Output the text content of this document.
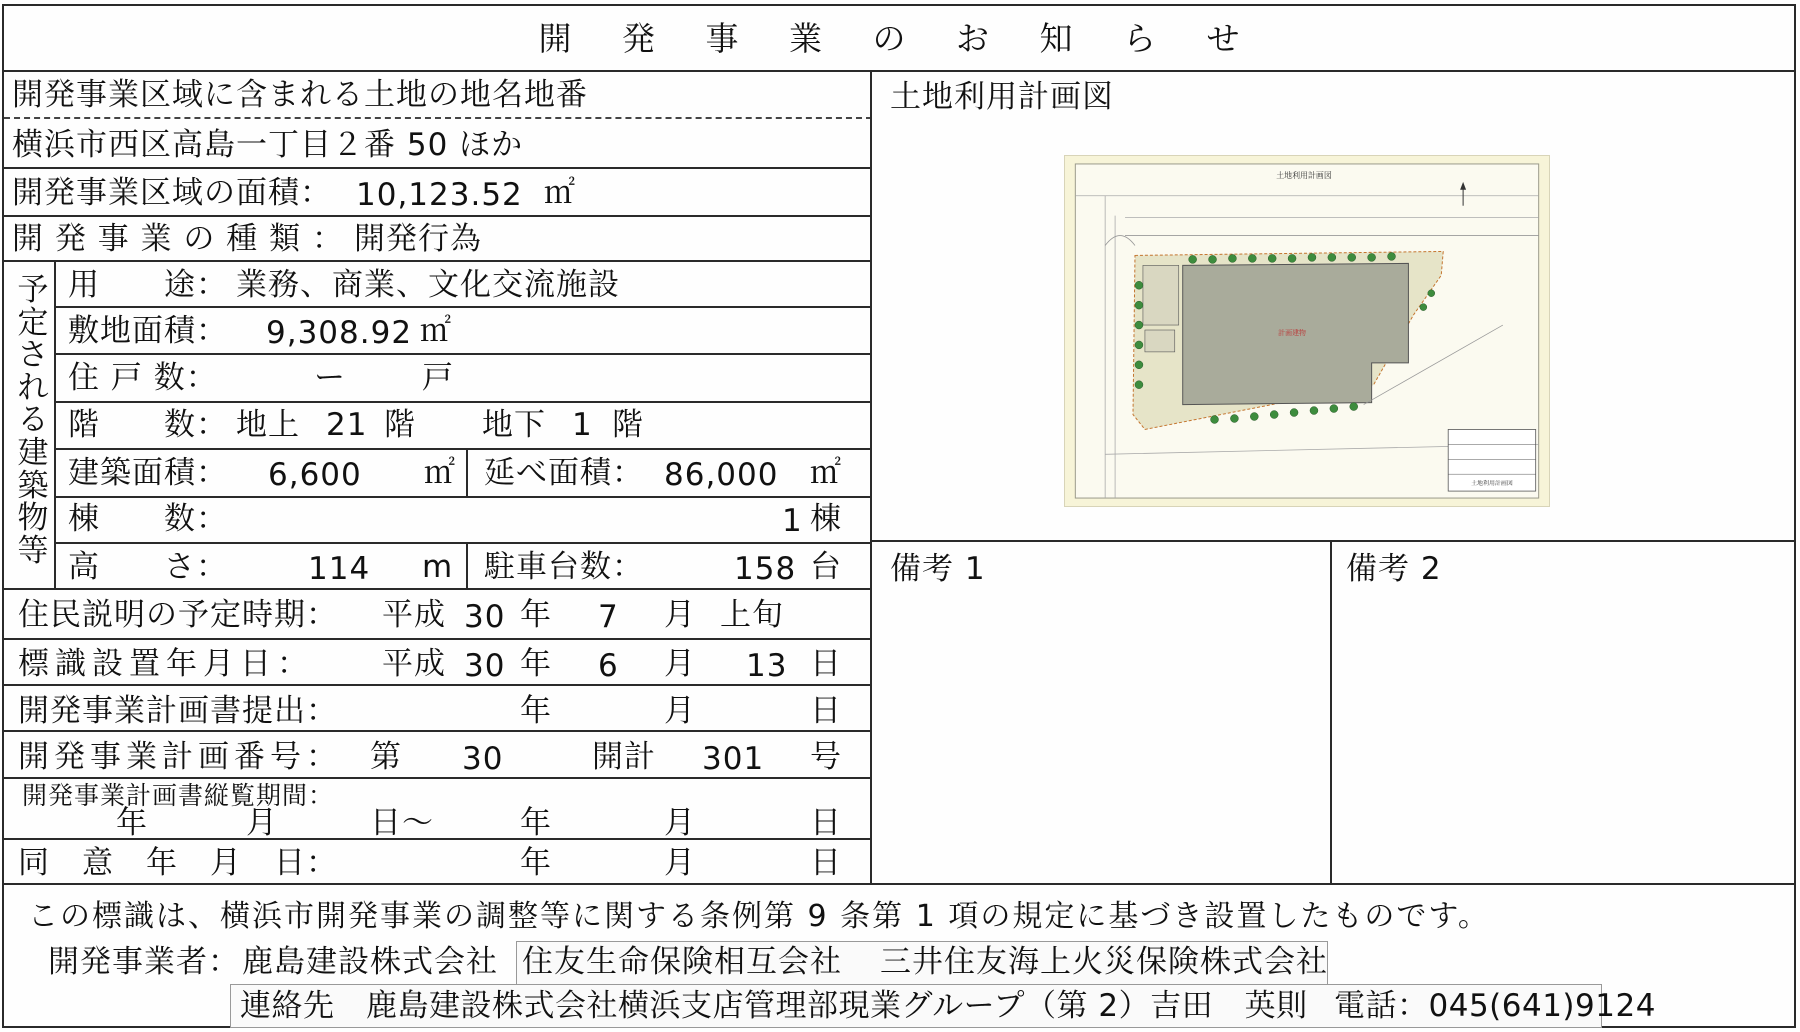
開 発 事 業 の お 知 ら せ
開発事業区域に含まれる土地の地名地番
横浜市西区高島一丁目２番 50 ほか
開発事業区域の面積： 10,123.52 ㎡
開 発 事 業 の 種 類 ： 開発行為
予
定
さ
れ
る
建
築
物
等
用　　途： 業務、商業、文化交流施設
敷地面積： 9,308.92 ㎡
住 戸 数：	ー 戸
階　　数： 地上 21 階 地下 1 階
建築面積： 6,600 ㎡ 延べ面積： 86,000 ㎡
棟　　数：	1 棟
高　　さ：	114 m 駐車台数：	158 台
住民説明の予定時期： 平成 30 年 7 月 上旬
標識設置年月日： 平成 30 年 6 月 13 日
開発事業計画書提出：	年	月	日
開発事業計画番号： 第 30	開計 301 号
開発事業計画書縦覧期間：
年	月	日～	年	月	日
同　意　年　月　日：	年	月	日
土地利用計画図
土地利用計画図
計画建物
土地利用計画図
備考 1	備考 2
この標識は、横浜市開発事業の調整等に関する条例第 9 条第 1 項の規定に基づき設置したものです。
開発事業者： 鹿島建設株式会社 住友生命保険相互会社 三井住友海上火災保険株式会社
連絡先　鹿島建設株式会社横浜支店管理部現業グループ（第 2）吉田　英則 電話：045(641)9124
